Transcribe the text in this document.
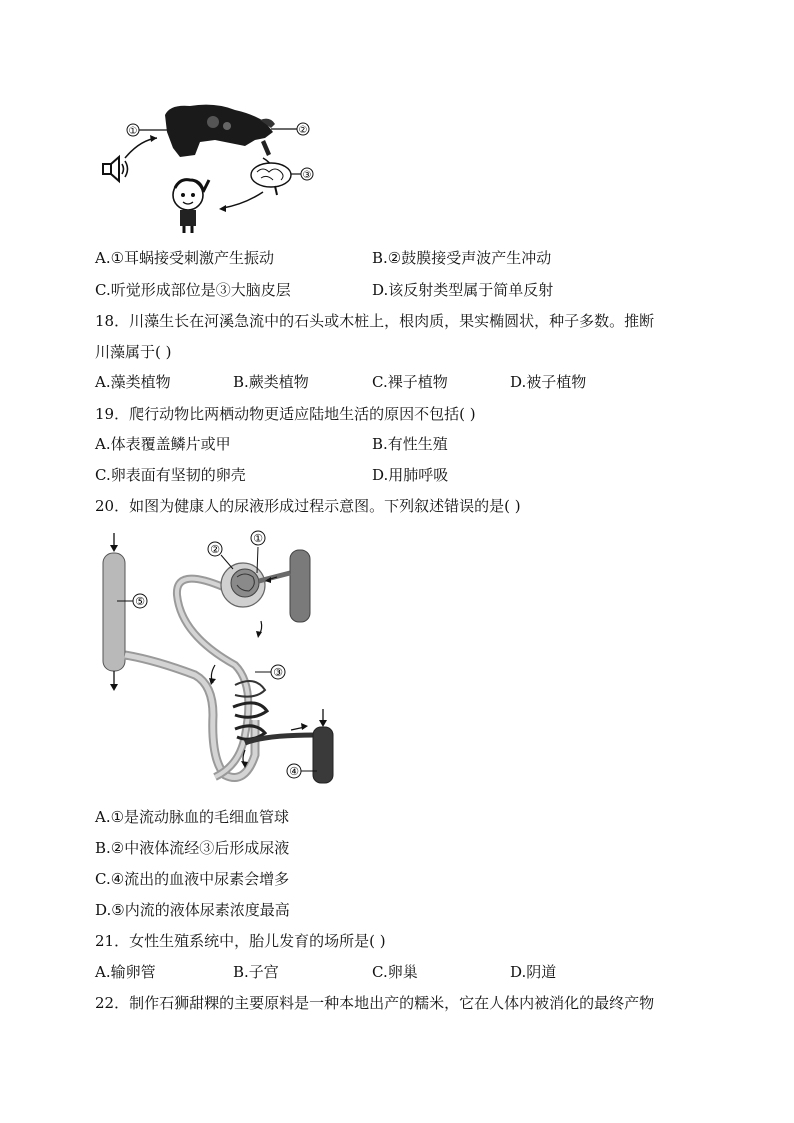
①	②
③
A.①耳蜗接受刺激产生振动	B.②鼓膜接受声波产生冲动
C.听觉形成部位是③大脑皮层	D.该反射类型属于简单反射
18．川藻生长在河溪急流中的石头或木桩上，根肉质，果实椭圆状，种子多数。推断
川藻属于( )
A.藻类植物	B.蕨类植物	C.裸子植物	D.被子植物
19．爬行动物比两栖动物更适应陆地生活的原因不包括( )
A.体表覆盖鳞片或甲	B.有性生殖
C.卵表面有坚韧的卵壳	D.用肺呼吸
20．如图为健康人的尿液形成过程示意图。下列叙述错误的是( )
⑤
①
②
③
④
A.①是流动脉血的毛细血管球
B.②中液体流经③后形成尿液
C.④流出的血液中尿素会增多
D.⑤内流的液体尿素浓度最高
21．女性生殖系统中，胎儿发育的场所是( )
A.输卵管	B.子宫	C.卵巢	D.阴道
22．制作石狮甜粿的主要原料是一种本地出产的糯米，它在人体内被消化的最终产物
